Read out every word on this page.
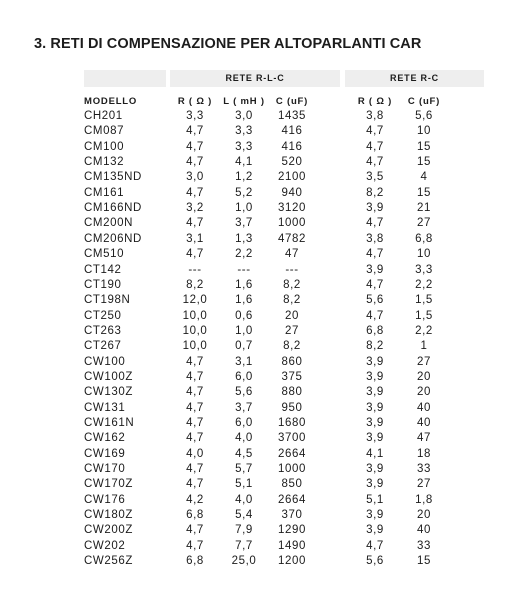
3. RETI DI COMPENSAZIONE PER ALTOPARLANTI CAR
RETE R-L-C	RETE R-C
MODELLO	R ( Ω )	L ( mH )	C (uF)	R ( Ω )	C (uF)
CH201	3,3	3,0	1435	3,8	5,6
CM087	4,7	3,3	416	4,7	10
CM100	4,7	3,3	416	4,7	15
CM132	4,7	4,1	520	4,7	15
CM135ND	3,0	1,2	2100	3,5	4
CM161	4,7	5,2	940	8,2	15
CM166ND	3,2	1,0	3120	3,9	21
CM200N	4,7	3,7	1000	4,7	27
CM206ND	3,1	1,3	4782	3,8	6,8
CM510	4,7	2,2	47	4,7	10
CT142	---	---	---	3,9	3,3
CT190	8,2	1,6	8,2	4,7	2,2
CT198N	12,0	1,6	8,2	5,6	1,5
CT250	10,0	0,6	20	4,7	1,5
CT263	10,0	1,0	27	6,8	2,2
CT267	10,0	0,7	8,2	8,2	1
CW100	4,7	3,1	860	3,9	27
CW100Z	4,7	6,0	375	3,9	20
CW130Z	4,7	5,6	880	3,9	20
CW131	4,7	3,7	950	3,9	40
CW161N	4,7	6,0	1680	3,9	40
CW162	4,7	4,0	3700	3,9	47
CW169	4,0	4,5	2664	4,1	18
CW170	4,7	5,7	1000	3,9	33
CW170Z	4,7	5,1	850	3,9	27
CW176	4,2	4,0	2664	5,1	1,8
CW180Z	6,8	5,4	370	3,9	20
CW200Z	4,7	7,9	1290	3,9	40
CW202	4,7	7,7	1490	4,7	33
CW256Z	6,8	25,0	1200	5,6	15
